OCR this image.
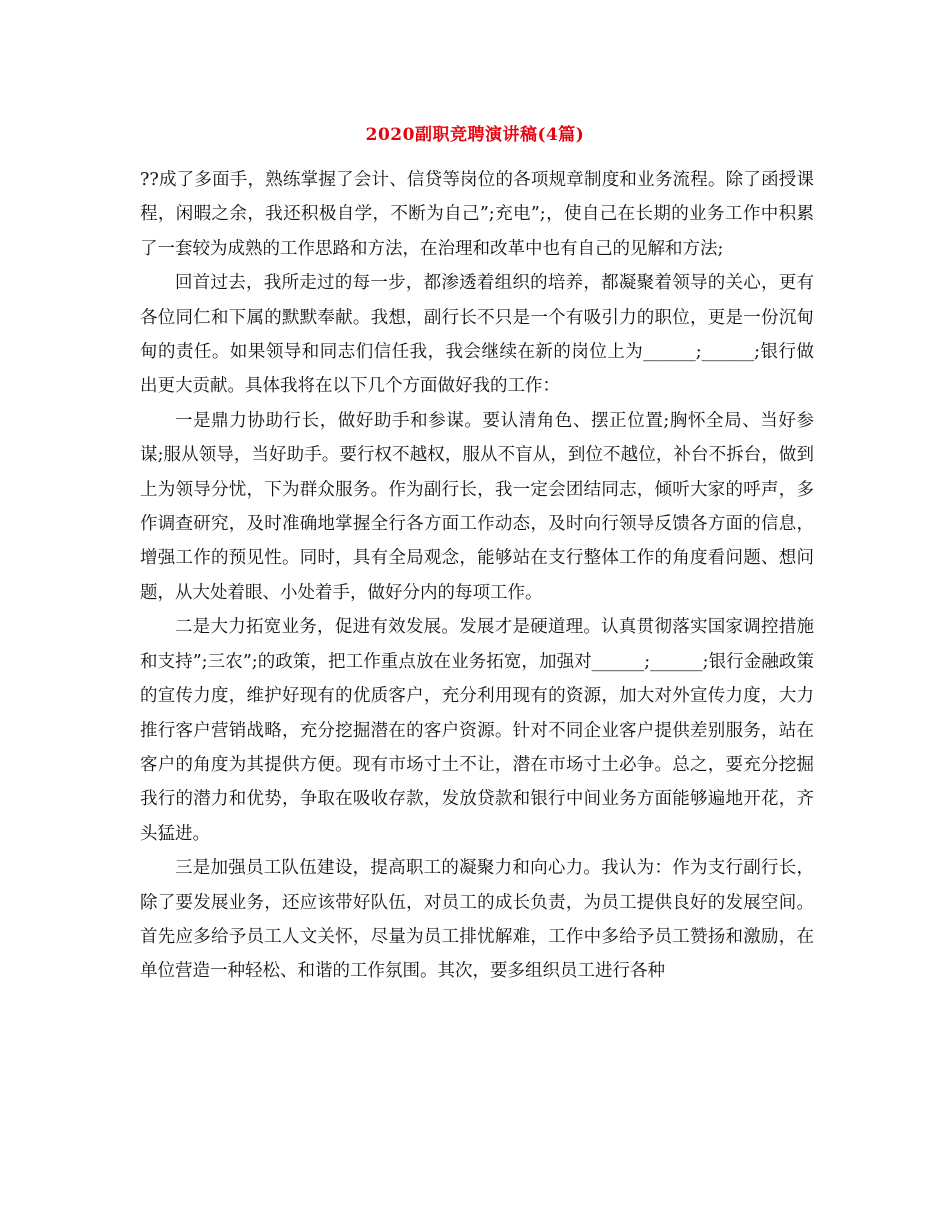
2020副职竞聘演讲稿(4篇)

??成了多面手，熟练掌握了会计、信贷等岗位的各项规章制度和业务流程。除了函授课程，闲暇之余，我还积极自学，不断为自己”;充电”;，使自己在长期的业务工作中积累了一套较为成熟的工作思路和方法，在治理和改革中也有自己的见解和方法;

回首过去，我所走过的每一步，都渗透着组织的培养，都凝聚着领导的关心，更有各位同仁和下属的默默奉献。我想，副行长不只是一个有吸引力的职位，更是一份沉甸甸的责任。如果领导和同志们信任我，我会继续在新的岗位上为______;______;银行做出更大贡献。具体我将在以下几个方面做好我的工作：

一是鼎力协助行长，做好助手和参谋。要认清角色、摆正位置;胸怀全局、当好参谋;服从领导，当好助手。要行权不越权，服从不盲从，到位不越位，补台不拆台，做到上为领导分忧，下为群众服务。作为副行长，我一定会团结同志，倾听大家的呼声，多作调查研究，及时准确地掌握全行各方面工作动态，及时向行领导反馈各方面的信息，增强工作的预见性。同时，具有全局观念，能够站在支行整体工作的角度看问题、想问题，从大处着眼、小处着手，做好分内的每项工作。

二是大力拓宽业务，促进有效发展。发展才是硬道理。认真贯彻落实国家调控措施和支持”;三农”;的政策，把工作重点放在业务拓宽，加强对______;______;银行金融政策的宣传力度，维护好现有的优质客户，充分利用现有的资源，加大对外宣传力度，大力推行客户营销战略，充分挖掘潜在的客户资源。针对不同企业客户提供差别服务，站在客户的角度为其提供方便。现有市场寸土不让，潜在市场寸土必争。总之，要充分挖掘我行的潜力和优势，争取在吸收存款，发放贷款和银行中间业务方面能够遍地开花，齐头猛进。

三是加强员工队伍建设，提高职工的凝聚力和向心力。我认为：作为支行副行长，除了要发展业务，还应该带好队伍，对员工的成长负责，为员工提供良好的发展空间。首先应多给予员工人文关怀，尽量为员工排忧解难，工作中多给予员工赞扬和激励，在单位营造一种轻松、和谐的工作氛围。其次，要多组织员工进行各种
